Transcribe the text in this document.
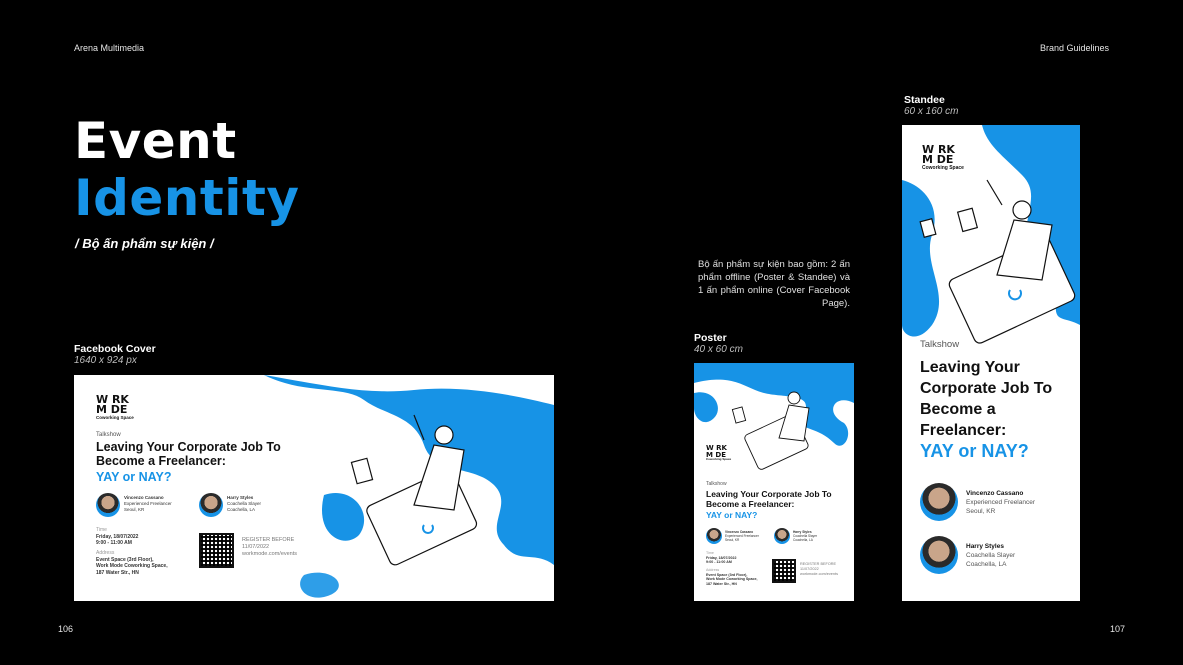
Arena Multimedia	Brand Guidelines
Event
Identity
/ Bộ ấn phẩm sự kiện /
Bộ ấn phẩm sự kiện bao gồm: 2 ấn phẩm offline (Poster & Standee) và 1 ấn phẩm online (Cover Facebook Page).
Facebook Cover
1640 x 924 px
Poster
40 x 60 cm
Standee
60 x 160 cm
W RK
M DE
Coworking Space
Talkshow
Leaving Your Corporate Job To Become a Freelancer:
YAY or NAY?
Vincenzo Cassano
Experienced Freelancer
Seoul, KR
Harry Styles
Coachella Slayer
Coachella, LA
Time
Friday, 18/07/2022
9:00 - 11:00 AM
Address
Event Space (3rd Floor),
Work Mode Coworking Space,
187 Water Str., HN
REGISTER BEFORE
11/07/2022
workmode.com/events
W RK
M DE
Coworking Space
Talkshow
Leaving Your Corporate Job To Become a Freelancer:
YAY or NAY?
Vincenzo Cassano
Experienced Freelancer
Seoul, KR
Harry Styles
Coachella Slayer
Coachella, LA
Time
Friday, 18/07/2022
9:00 - 11:00 AM
Address
Event Space (3rd Floor),
Work Mode Coworking Space,
187 Water Str., HN
REGISTER BEFORE
11/07/2022
workmode.com/events
W RK
M DE
Coworking Space
Talkshow
Leaving Your Corporate Job To Become a Freelancer:
YAY or NAY?
Vincenzo Cassano
Experienced Freelancer
Seoul, KR
Harry Styles
Coachella Slayer
Coachella, LA
106	107
